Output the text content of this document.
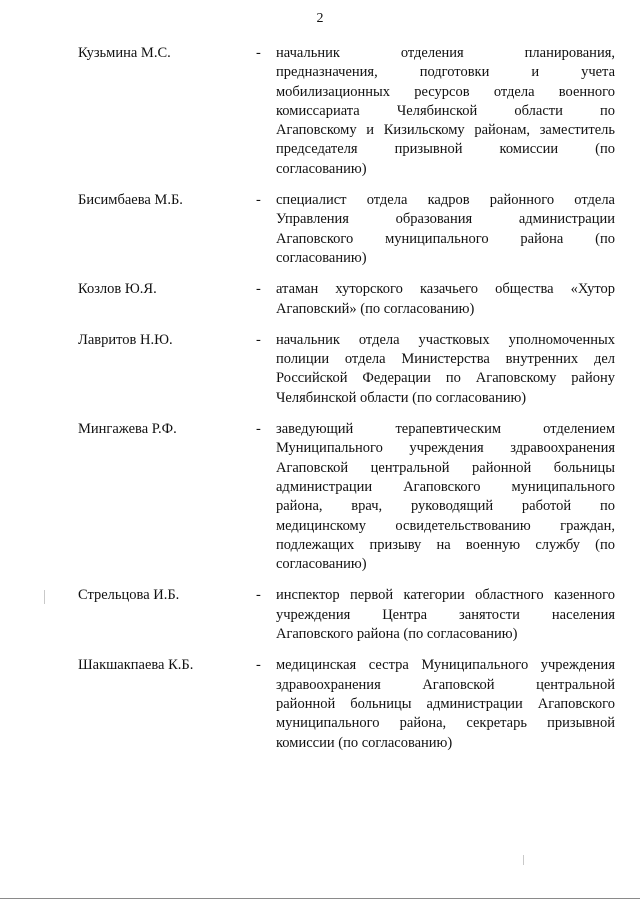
2
Кузьмина М.С.	-	начальник отделения планирования,
предназначения, подготовки и учета
мобилизационных ресурсов отдела военного
комиссариата Челябинской области по
Агаповскому и Кизильскому районам, заместитель
председателя призывной комиссии (по
согласованию)
Бисимбаева М.Б.	-	специалист отдела кадров районного отдела
Управления образования администрации
Агаповского муниципального района (по
согласованию)
Козлов Ю.Я.	-	атаман хуторского казачьего общества «Хутор
Агаповский» (по согласованию)
Лавритов Н.Ю.	-	начальник отдела участковых уполномоченных
полиции отдела Министерства внутренних дел
Российской Федерации по Агаповскому району
Челябинской области (по согласованию)
Мингажева Р.Ф.	-	заведующий терапевтическим отделением
Муниципального учреждения здравоохранения
Агаповской центральной районной больницы
администрации Агаповского муниципального
района, врач, руководящий работой по
медицинскому освидетельствованию граждан,
подлежащих призыву на военную службу (по
согласованию)
Стрельцова И.Б.	-	инспектор первой категории областного казенного
учреждения Центра занятости населения
Агаповского района (по согласованию)
Шакшакпаева К.Б.	-	медицинская сестра Муниципального учреждения
здравоохранения Агаповской центральной
районной больницы администрации Агаповского
муниципального района, секретарь призывной
комиссии (по согласованию)
